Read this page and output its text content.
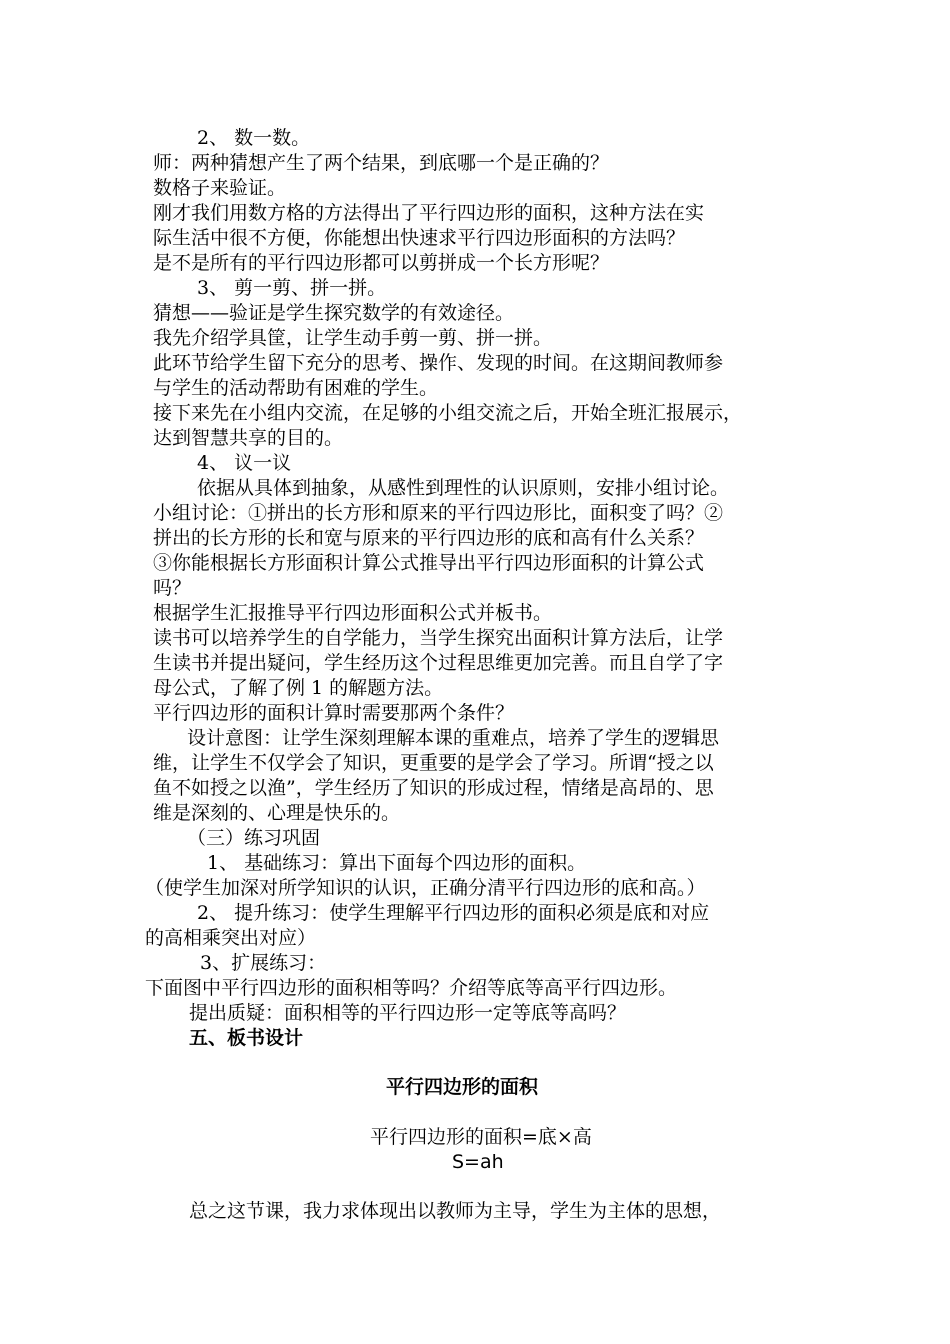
2、 数一数。
师：两种猜想产生了两个结果，到底哪一个是正确的？
数格子来验证。
刚才我们用数方格的方法得出了平行四边形的面积，这种方法在实
际生活中很不方便，你能想出快速求平行四边形面积的方法吗？
是不是所有的平行四边形都可以剪拼成一个长方形呢？
3、 剪一剪、拼一拼。
猜想——验证是学生探究数学的有效途径。
我先介绍学具筐，让学生动手剪一剪、拼一拼。
此环节给学生留下充分的思考、操作、发现的时间。在这期间教师参
与学生的活动帮助有困难的学生。
接下来先在小组内交流，在足够的小组交流之后，开始全班汇报展示，
达到智慧共享的目的。
4、 议一议
依据从具体到抽象，从感性到理性的认识原则，安排小组讨论。
小组讨论：①拼出的长方形和原来的平行四边形比，面积变了吗？②
拼出的长方形的长和宽与原来的平行四边形的底和高有什么关系？
③你能根据长方形面积计算公式推导出平行四边形面积的计算公式
吗？
根据学生汇报推导平行四边形面积公式并板书。
读书可以培养学生的自学能力，当学生探究出面积计算方法后，让学
生读书并提出疑问，学生经历这个过程思维更加完善。而且自学了字
母公式，了解了例 1 的解题方法。
平行四边形的面积计算时需要那两个条件？
设计意图：让学生深刻理解本课的重难点，培养了学生的逻辑思
维，让学生不仅学会了知识，更重要的是学会了学习。所谓“授之以
鱼不如授之以渔”，学生经历了知识的形成过程，情绪是高昂的、思
维是深刻的、心理是快乐的。
（三）练习巩固
1、 基础练习：算出下面每个四边形的面积。
（使学生加深对所学知识的认识，正确分清平行四边形的底和高。）
2、 提升练习：使学生理解平行四边形的面积必须是底和对应
的高相乘突出对应）
3、扩展练习：
下面图中平行四边形的面积相等吗？介绍等底等高平行四边形。
提出质疑：面积相等的平行四边形一定等底等高吗？
五、板书设计
平行四边形的面积
平行四边形的面积=底×高
S=ah
总之这节课，我力求体现出以教师为主导，学生为主体的思想，
